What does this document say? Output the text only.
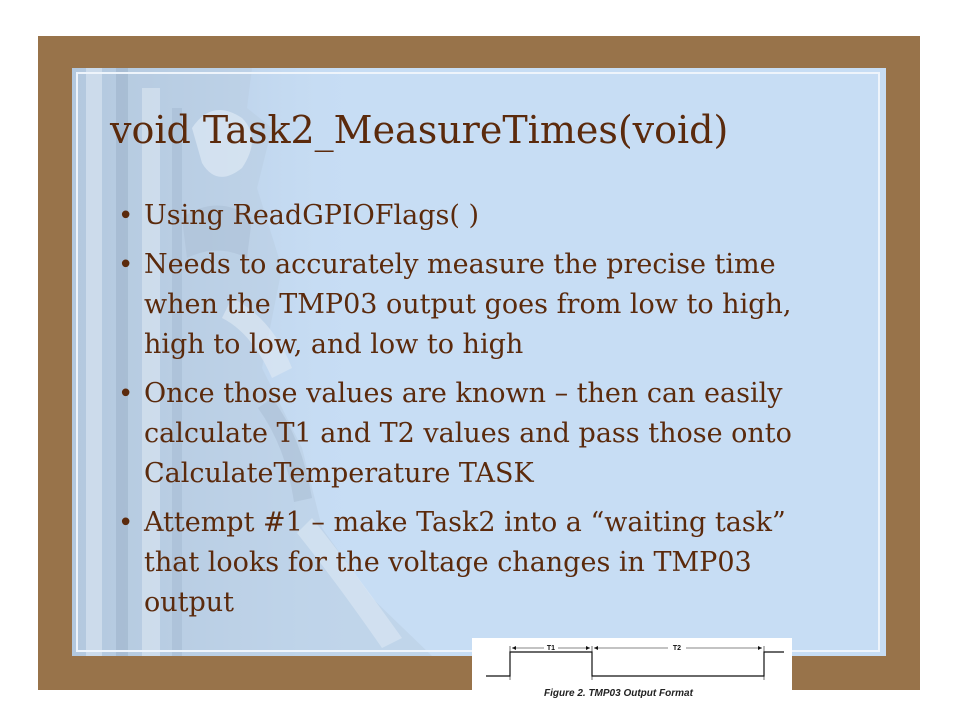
void Task2_MeasureTimes(void)
• Using ReadGPIOFlags( )
• Needs to accurately measure the precise time when the TMP03 output goes from low to high, high to low, and low to high
• Once those values are known – then can easily calculate T1 and T2 values and pass those onto CalculateTemperature TASK
• Attempt #1 – make Task2 into a “waiting task” that looks for the voltage changes in TMP03 output
T1	T2
Figure 2. TMP03 Output Format
